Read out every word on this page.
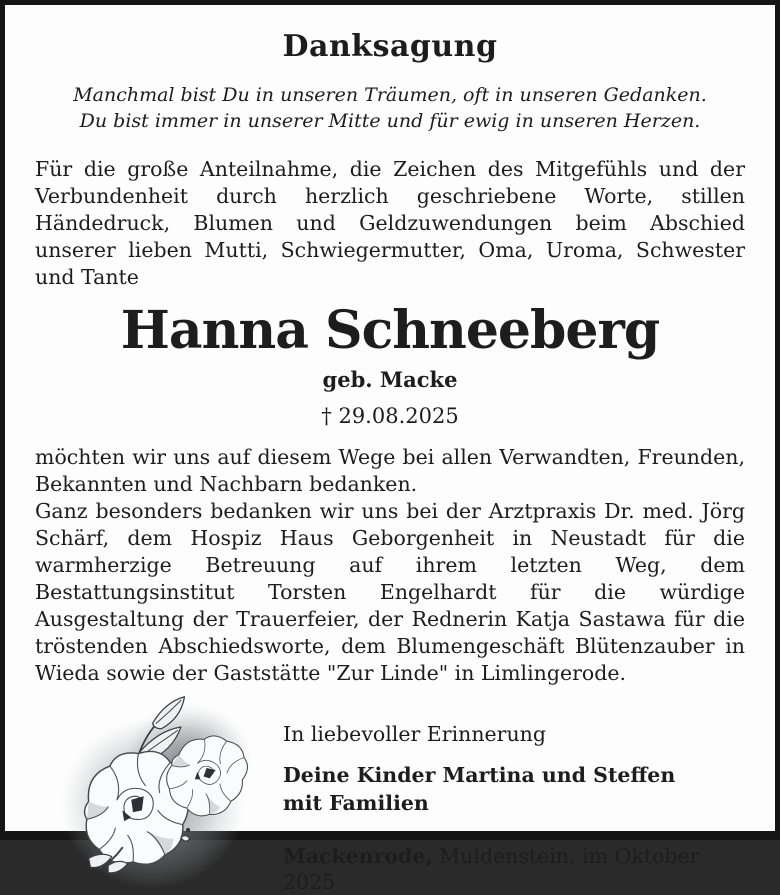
Danksagung
Manchmal bist Du in unseren Träumen, oft in unseren Gedanken.
Du bist immer in unserer Mitte und für ewig in unseren Herzen.

Für die große Anteilnahme, die Zeichen des Mitgefühls und der Verbundenheit durch herzlich geschriebene Worte, stillen Händedruck, Blumen und Geldzuwendungen beim Abschied unserer lieben Mutti, Schwiegermutter, Oma, Uroma, Schwester und Tante

Hanna Schneeberg
geb. Macke
† 29.08.2025

möchten wir uns auf diesem Wege bei allen Verwandten, Freunden, Bekannten und Nachbarn bedanken.

Ganz besonders bedanken wir uns bei der Arztpraxis Dr. med. Jörg Schärf, dem Hospiz Haus Geborgenheit in Neustadt für die warmherzige Betreuung auf ihrem letzten Weg, dem Bestattungsinstitut Torsten Engelhardt für die würdige Ausgestaltung der Trauerfeier, der Rednerin Katja Sastawa für die tröstenden Abschiedsworte, dem Blumengeschäft Blütenzauber in Wieda sowie der Gaststätte "Zur Linde" in Limlingerode.

In liebevoller Erinnerung

Deine Kinder Martina und Steffen
mit Familien

Mackenrode, Muldenstein, im Oktober 2025
